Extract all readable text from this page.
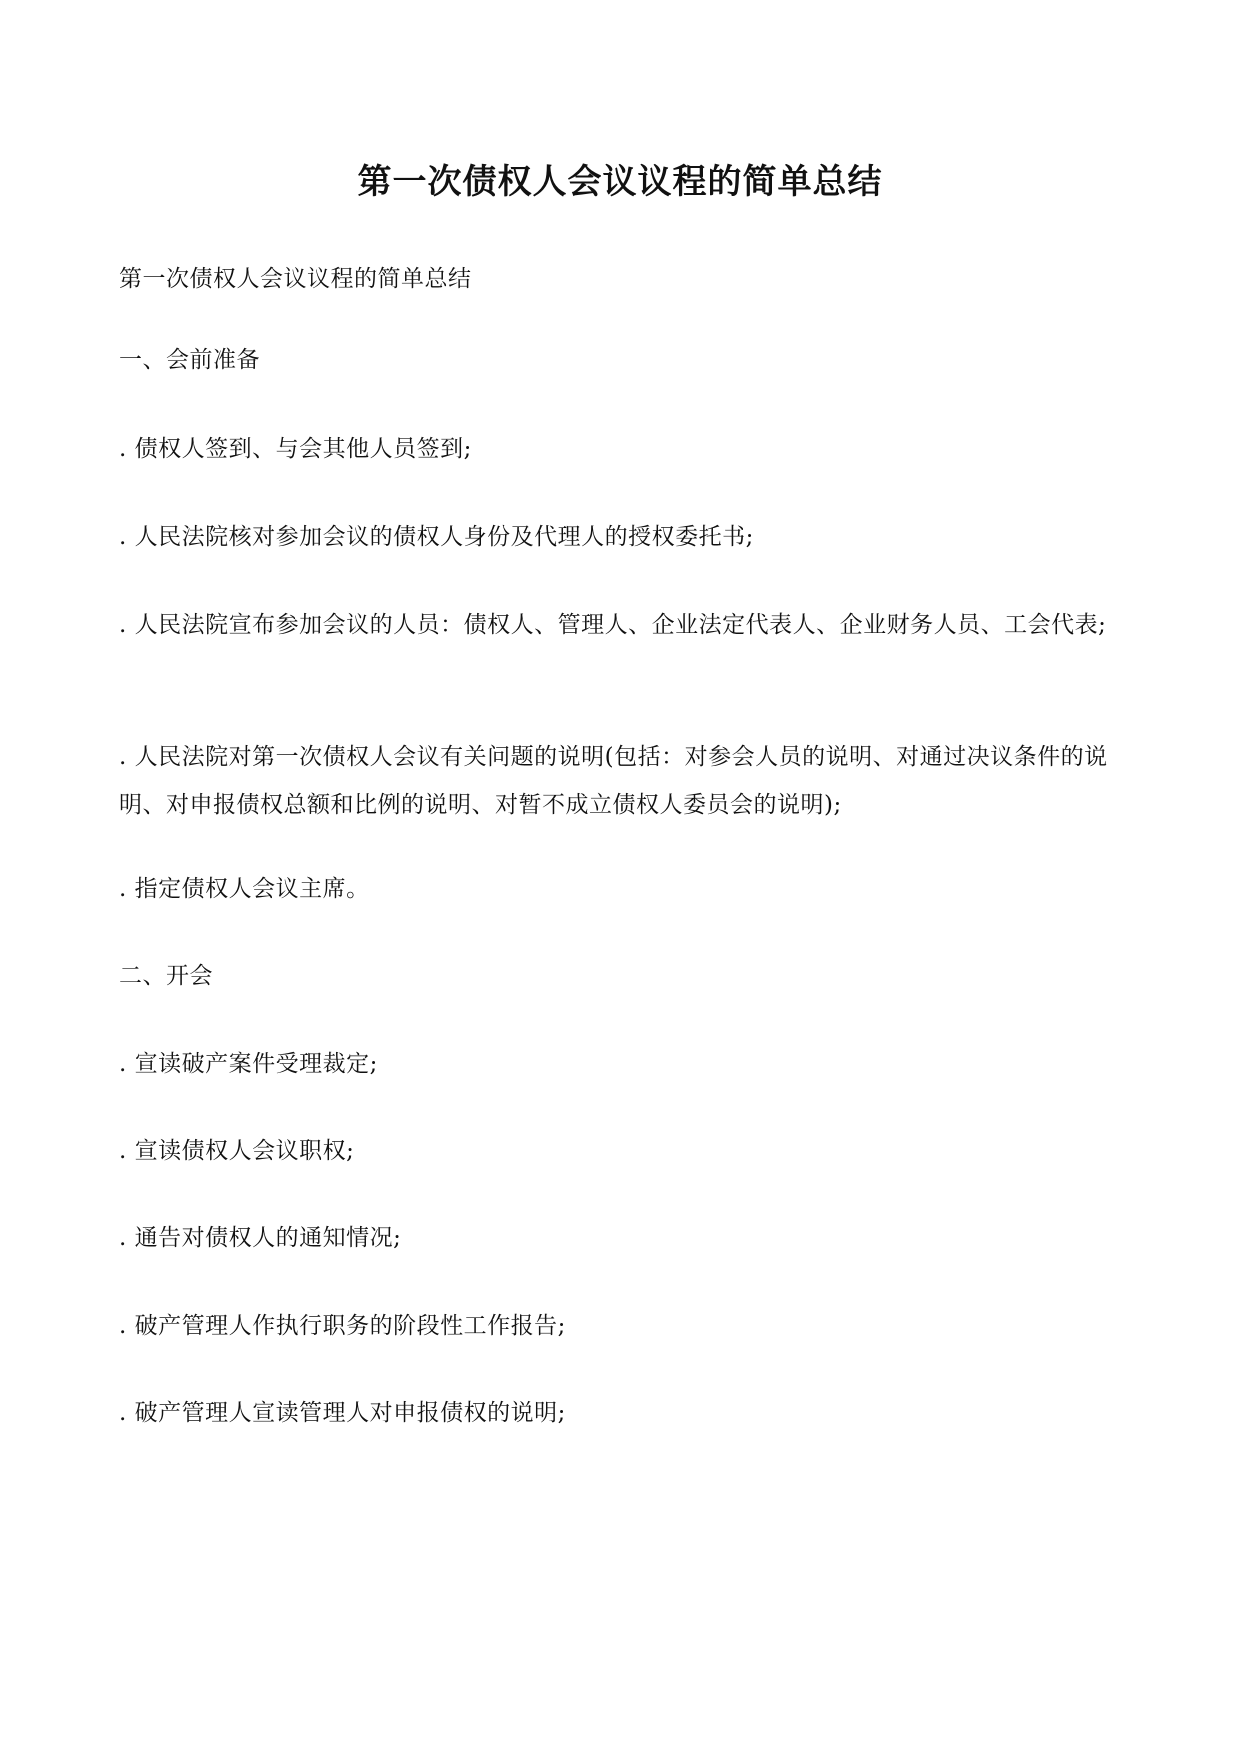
第一次债权人会议议程的简单总结

第一次债权人会议议程的简单总结

一、会前准备

. 债权人签到、与会其他人员签到;

. 人民法院核对参加会议的债权人身份及代理人的授权委托书;

. 人民法院宣布参加会议的人员：债权人、管理人、企业法定代表人、企业财务人员、工会代表;

. 人民法院对第一次债权人会议有关问题的说明(包括：对参会人员的说明、对通过决议条件的说明、对申报债权总额和比例的说明、对暂不成立债权人委员会的说明);

. 指定债权人会议主席。

二、开会

. 宣读破产案件受理裁定;

. 宣读债权人会议职权;

. 通告对债权人的通知情况;

. 破产管理人作执行职务的阶段性工作报告;

. 破产管理人宣读管理人对申报债权的说明;
